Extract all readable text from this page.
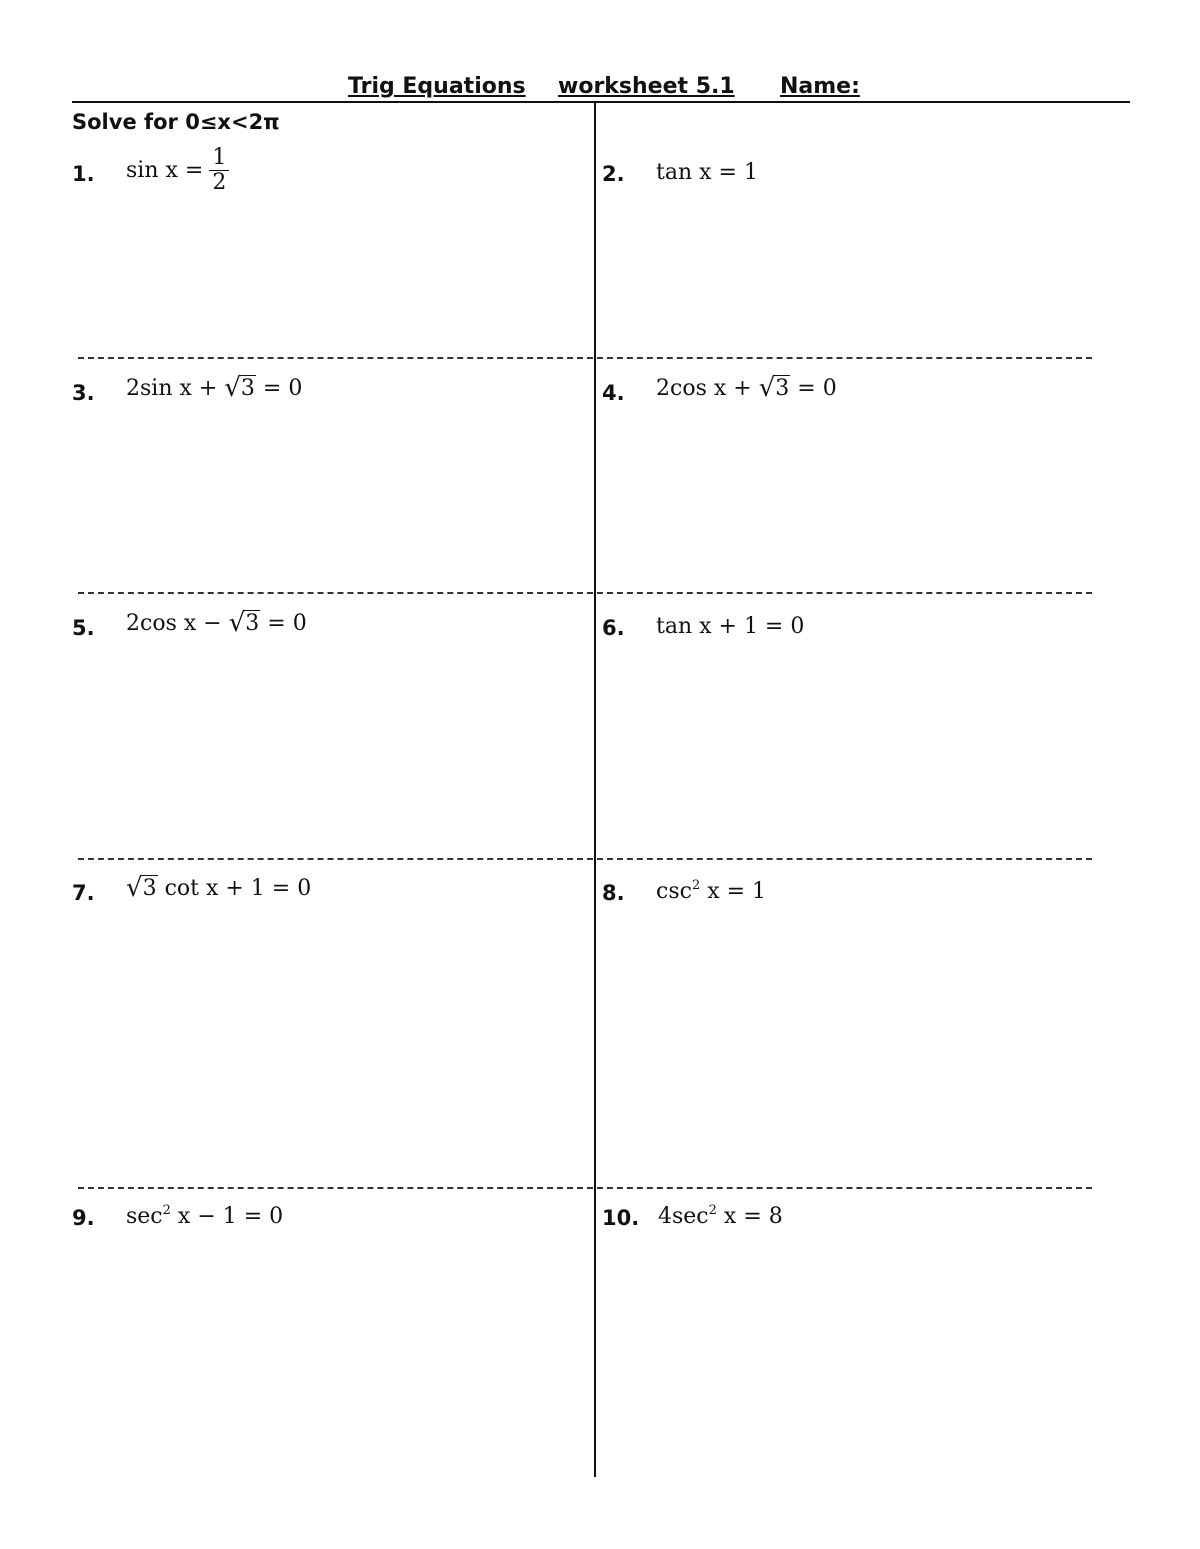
Trig Equations worksheet 5.1 Name:
Solve for 0≤x<2π
1. $\sin x = \frac{1}{2}$	2. tan x = 1
3. 2sin x +
√ 3
= 0	4. 2cos x +
√ 3
= 0
5. 2cos x −
√ 3
= 0	6. tan x + 1 = 0
7. √ 3
cot x + 1 = 0	8. csc 2
x = 1
9. sec 2
x − 1 = 0	10. 4sec 2
x = 8
